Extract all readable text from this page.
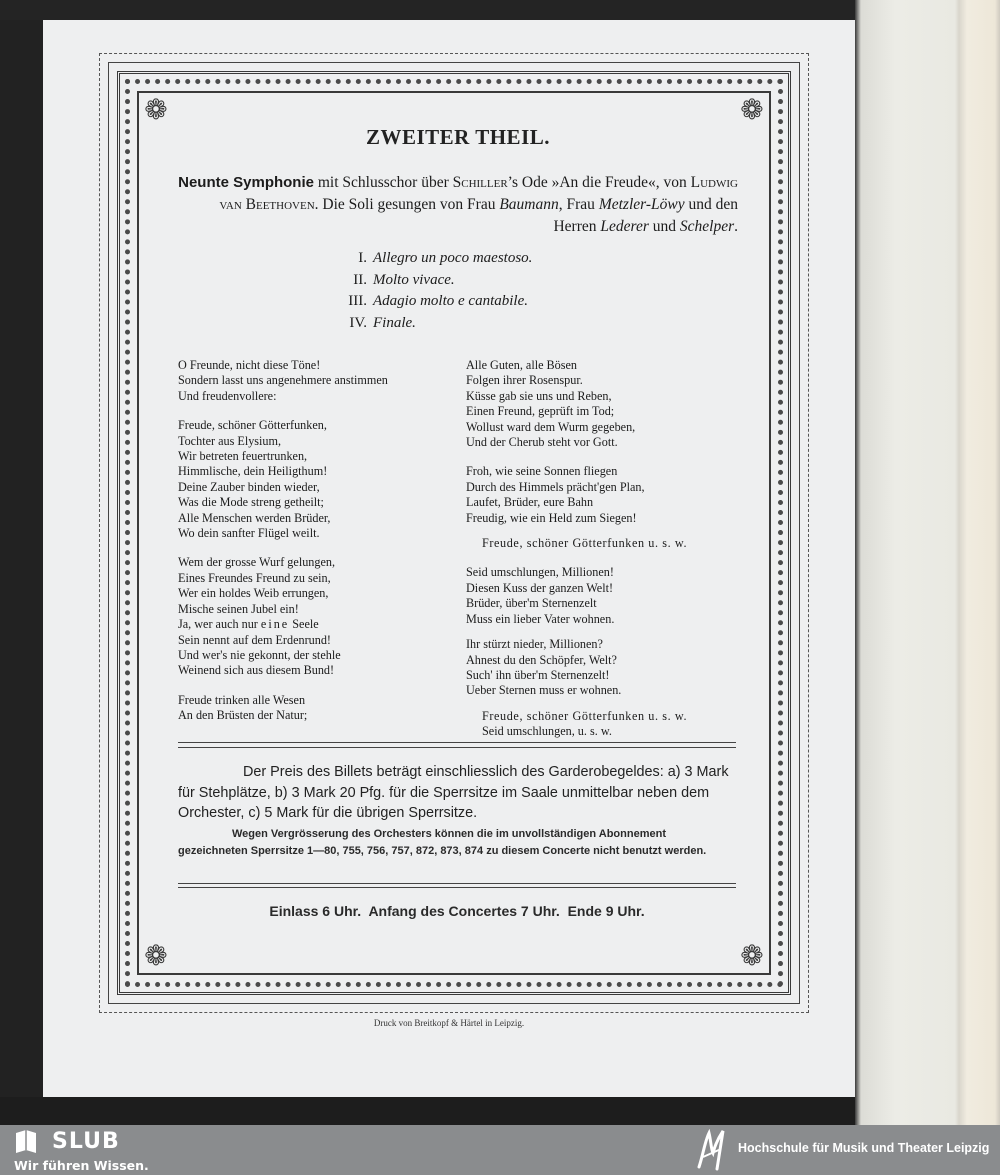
❁	❁
❁	❁
ZWEITER THEIL.
Neunte Symphonie mit Schlusschor über Schiller’s Ode »An die Freude«, von Ludwig van Beethoven. Die Soli gesungen von Frau Baumann, Frau Metzler-Löwy und den Herren Lederer und Schelper.
I. Allegro un poco maestoso.
II. Molto vivace.
III. Adagio molto e cantabile.
IV. Finale.
O Freunde, nicht diese Töne!
Sondern lasst uns angenehmere anstimmen
Und freudenvollere:
Freude, schöner Götterfunken,
Tochter aus Elysium,
Wir betreten feuertrunken,
Himmlische, dein Heiligthum!
Deine Zauber binden wieder,
Was die Mode streng getheilt;
Alle Menschen werden Brüder,
Wo dein sanfter Flügel weilt.
Wem der grosse Wurf gelungen,
Eines Freundes Freund zu sein,
Wer ein holdes Weib errungen,
Mische seinen Jubel ein!
Ja, wer auch nur eine Seele
Sein nennt auf dem Erdenrund!
Und wer's nie gekonnt, der stehle
Weinend sich aus diesem Bund!
Freude trinken alle Wesen
An den Brüsten der Natur;
Alle Guten, alle Bösen
Folgen ihrer Rosenspur.
Küsse gab sie uns und Reben,
Einen Freund, geprüft im Tod;
Wollust ward dem Wurm gegeben,
Und der Cherub steht vor Gott.
Froh, wie seine Sonnen fliegen
Durch des Himmels prächt'gen Plan,
Laufet, Brüder, eure Bahn
Freudig, wie ein Held zum Siegen!
Freude, schöner Götterfunken u. s. w.
Seid umschlungen, Millionen!
Diesen Kuss der ganzen Welt!
Brüder, über'm Sternenzelt
Muss ein lieber Vater wohnen.
Ihr stürzt nieder, Millionen?
Ahnest du den Schöpfer, Welt?
Such' ihn über'm Sternenzelt!
Ueber Sternen muss er wohnen.
Freude, schöner Götterfunken u. s. w.
Seid umschlungen, u. s. w.
Der Preis des Billets beträgt einschliesslich des Garderobegeldes: a) 3 Mark für Stehplätze, b) 3 Mark 20 Pfg. für die Sperrsitze im Saale unmittelbar neben dem Orchester, c) 5 Mark für die übrigen Sperrsitze.
Wegen Vergrösserung des Orchesters können die im unvollständigen Abonnement gezeichneten Sperrsitze 1—80, 755, 756, 757, 872, 873, 874 zu diesem Concerte nicht benutzt werden.
Einlass 6 Uhr.  Anfang des Concertes 7 Uhr.  Ende 9 Uhr.
Druck von Breitkopf & Härtel in Leipzig.
SLUB
Wir führen Wissen.
Hochschule für Musik und Theater Leipzig
